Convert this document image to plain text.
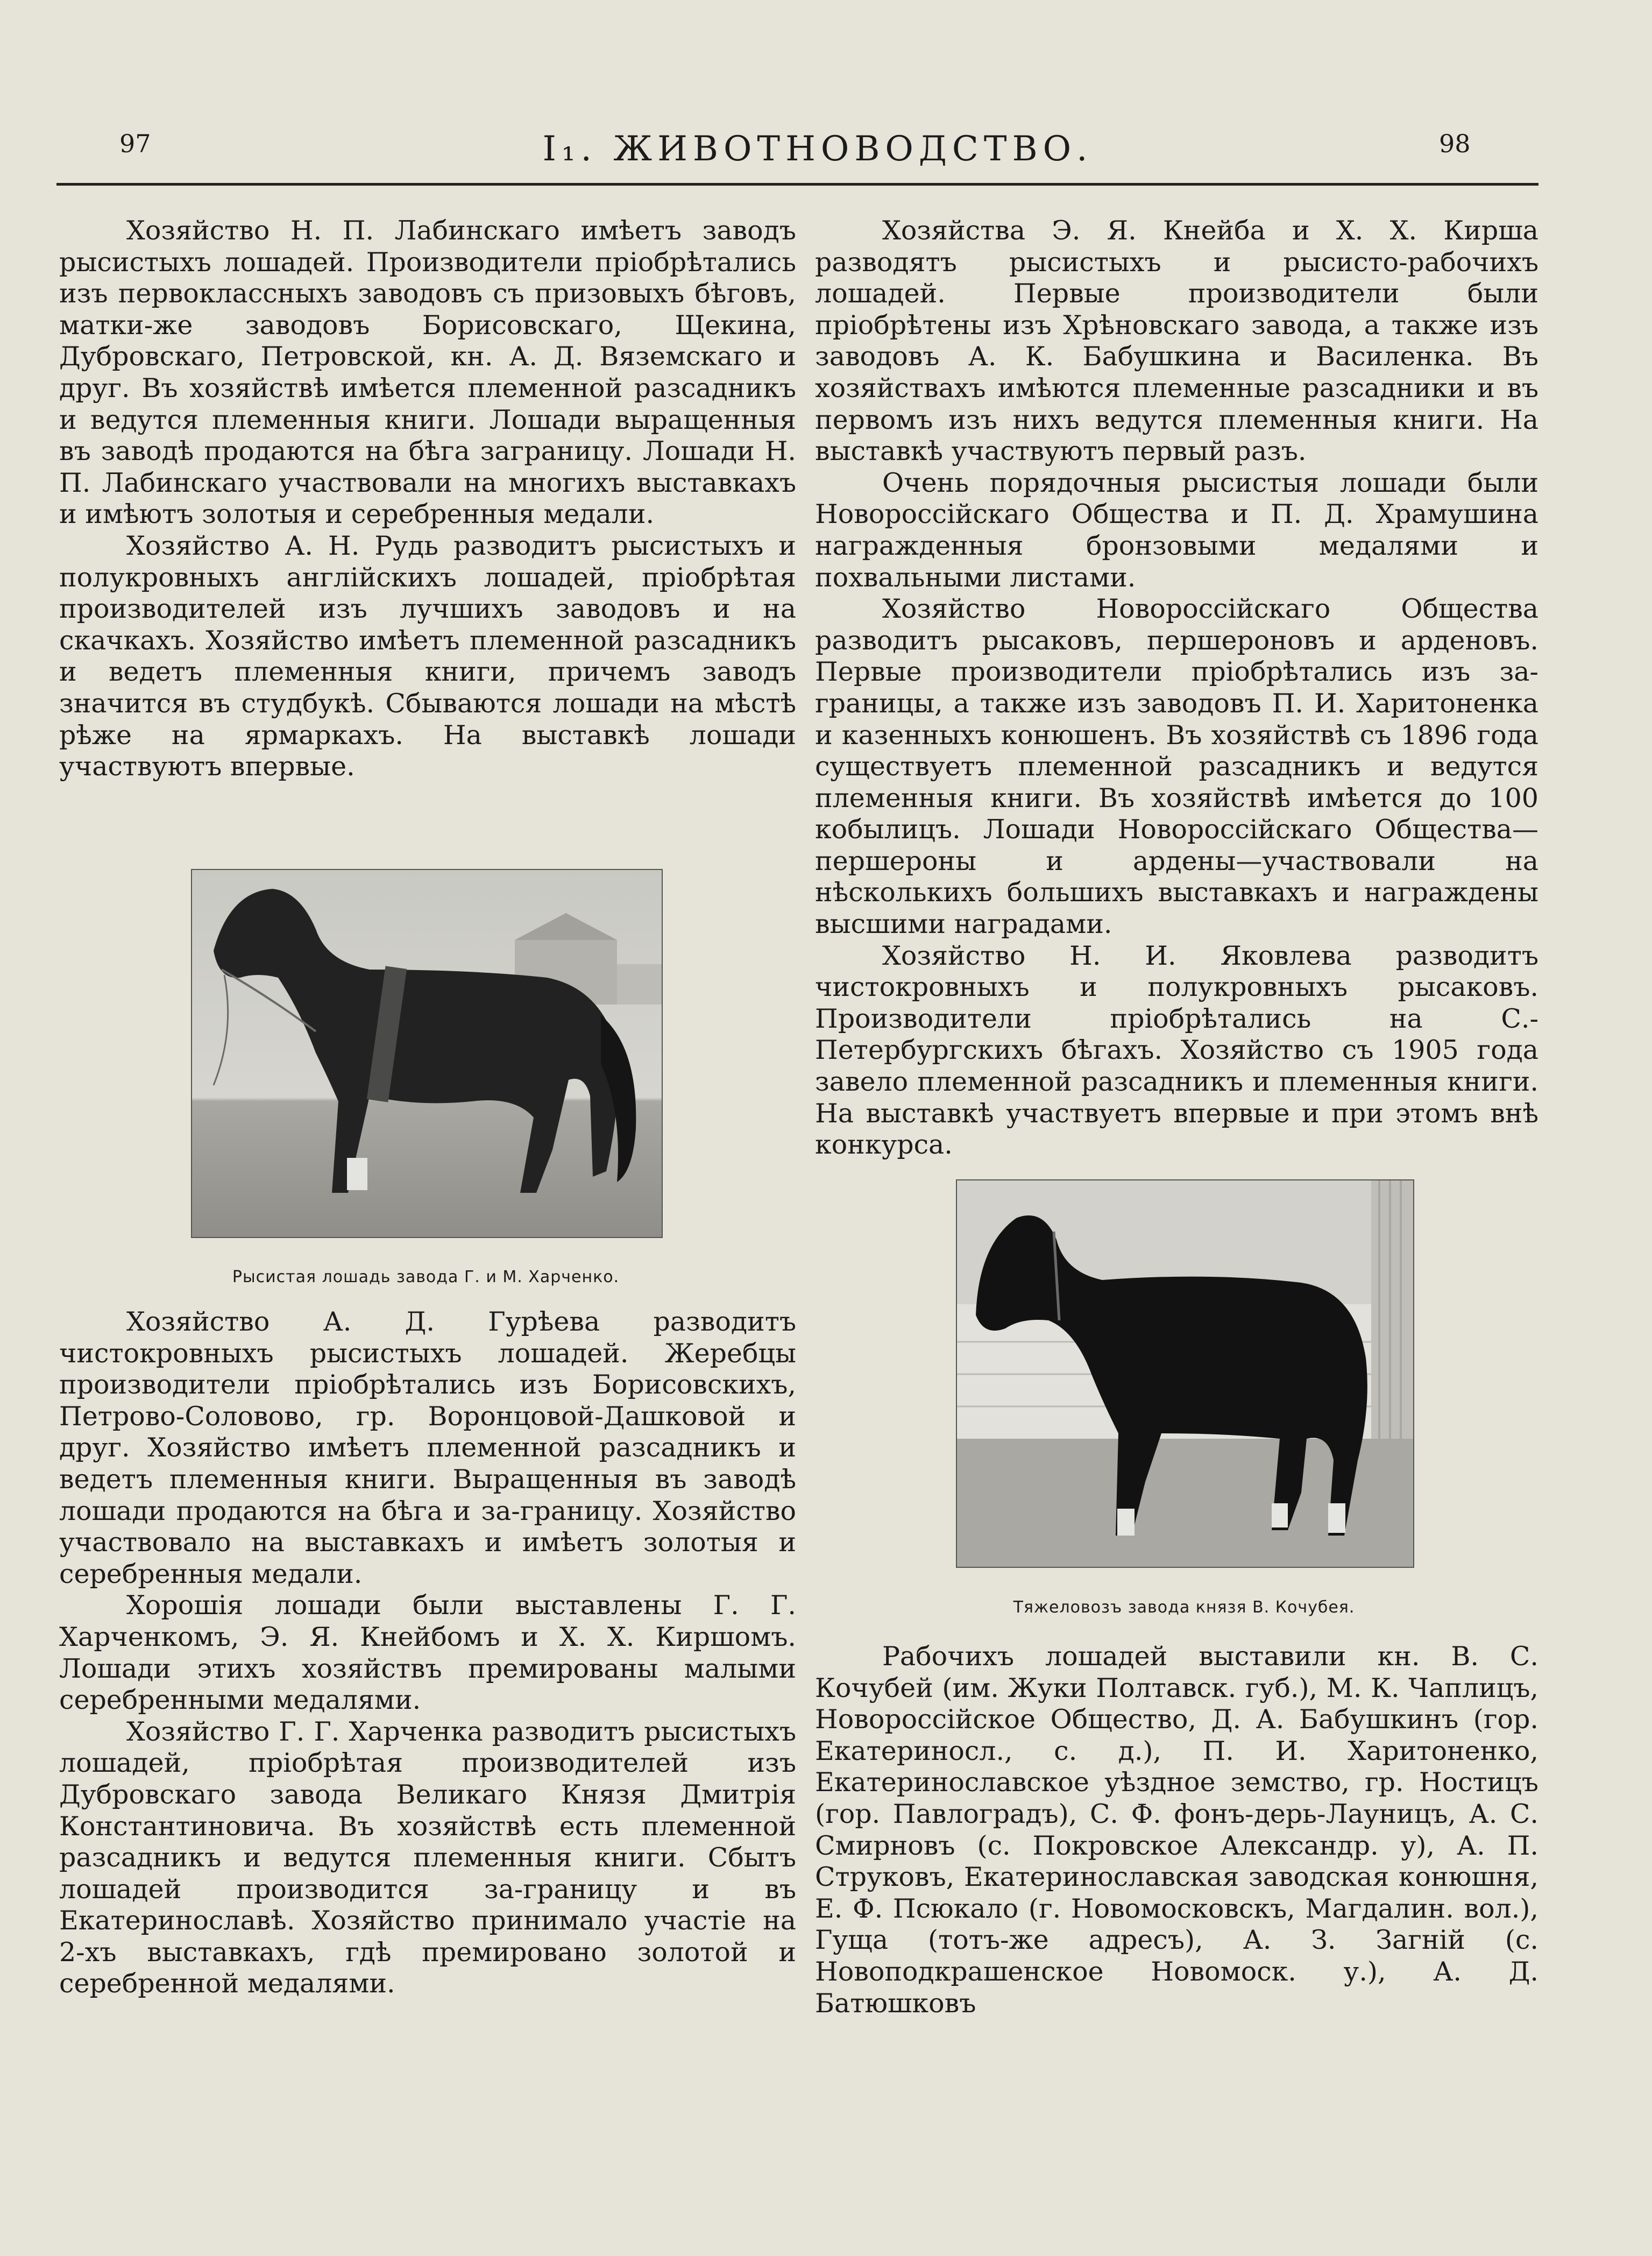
97	I₁. ЖИВОТНОВОДСТВО.	98

Хозяйство Н. П. Лабинскаго имѣетъ заводъ рысистыхъ лошадей. Производители пріобрѣтались изъ первоклассныхъ заводовъ съ призовыхъ бѣговъ, матки-же заводовъ Борисовскаго, Щекина, Дубровскаго, Петровской, кн. А. Д. Вяземскаго и друг. Въ хозяйствѣ имѣется племенной разсадникъ и ведутся племенныя книги. Лошади выращенныя въ заводѣ продаются на бѣга заграницу. Лошади Н. П. Лабинскаго участвовали на многихъ выставкахъ и имѣютъ золотыя и серебренныя медали.

Хозяйство А. Н. Рудь разводитъ рысистыхъ и полукровныхъ англійскихъ лошадей, пріобрѣтая производителей изъ лучшихъ заводовъ и на скачкахъ. Хозяйство имѣетъ племенной разсадникъ и ведетъ племенныя книги, причемъ заводъ значится въ студбукѣ. Сбываются лошади на мѣстѣ рѣже на ярмаркахъ. На выставкѣ лошади участвуютъ впервые.

Рысистая лошадь завода Г. и М. Харченко.

Хозяйство А. Д. Гурѣева разводитъ чистокровныхъ рысистыхъ лошадей. Жеребцы производители пріобрѣтались изъ Борисовскихъ, Петрово-Соловово, гр. Воронцовой-Дашковой и друг. Хозяйство имѣетъ племенной разсадникъ и ведетъ племенныя книги. Выращенныя въ заводѣ лошади продаются на бѣга и за-границу. Хозяйство участвовало на выставкахъ и имѣетъ золотыя и серебренныя медали.

Хорошія лошади были выставлены Г. Г. Харченкомъ, Э. Я. Кнейбомъ и Х. Х. Киршомъ. Лошади этихъ хозяйствъ премированы малыми серебренными медалями.

Хозяйство Г. Г. Харченка разводитъ рысистыхъ лошадей, пріобрѣтая производителей изъ Дубровскаго завода Великаго Князя Дмитрія Константиновича. Въ хозяйствѣ есть племенной разсадникъ и ведутся племенныя книги. Сбытъ лошадей производится за-границу и въ Екатеринославѣ. Хозяйство принимало участіе на 2-хъ выставкахъ, гдѣ премировано золотой и серебренной медалями.

Хозяйства Э. Я. Кнейба и Х. Х. Кирша разводятъ рысистыхъ и рысисто-рабочихъ лошадей. Первые производители были пріобрѣтены изъ Хрѣновскаго завода, а также изъ заводовъ А. К. Бабушкина и Василенка. Въ хозяйствахъ имѣются племенные разсадники и въ первомъ изъ нихъ ведутся племенныя книги. На выставкѣ участвуютъ первый разъ.

Очень порядочныя рысистыя лошади были Новороссійскаго Общества и П. Д. Храмушина награжденныя бронзовыми медалями и похвальными листами.

Хозяйство Новороссійскаго Общества разводитъ рысаковъ, першероновъ и арденовъ. Первые производители пріобрѣтались изъ за-границы, а также изъ заводовъ П. И. Харитоненка и казенныхъ конюшенъ. Въ хозяйствѣ съ 1896 года существуетъ племенной разсадникъ и ведутся племенныя книги. Въ хозяйствѣ имѣется до 100 кобылицъ. Лошади Новороссійскаго Общества—першероны и ардены—участвовали на нѣсколькихъ большихъ выставкахъ и награждены высшими наградами.

Хозяйство Н. И. Яковлева разводитъ чистокровныхъ и полукровныхъ рысаковъ. Производители пріобрѣтались на С.-Петербургскихъ бѣгахъ. Хозяйство съ 1905 года завело племенной разсадникъ и племенныя книги. На выставкѣ участвуетъ впервые и при этомъ внѣ конкурса.

Тяжеловозъ завода князя В. Кочубея.

Рабочихъ лошадей выставили кн. В. С. Кочубей (им. Жуки Полтавск. губ.), М. К. Чаплицъ, Новороссійское Общество, Д. А. Бабушкинъ (гор. Екатериносл., с. д.), П. И. Харитоненко, Екатеринославское уѣздное земство, гр. Ностицъ (гор. Павлоградъ), С. Ф. фонъ-дерь-Лауницъ, А. С. Смирновъ (с. Покровское Александр. у), А. П. Струковъ, Екатеринославская заводская конюшня, Е. Ф. Псюкало (г. Новомосковскъ, Магдалин. вол.), Гуща (тотъ-же адресъ), А. З. Загній (с. Новоподкрашенское Новомоск. у.), А. Д. Батюшковъ
